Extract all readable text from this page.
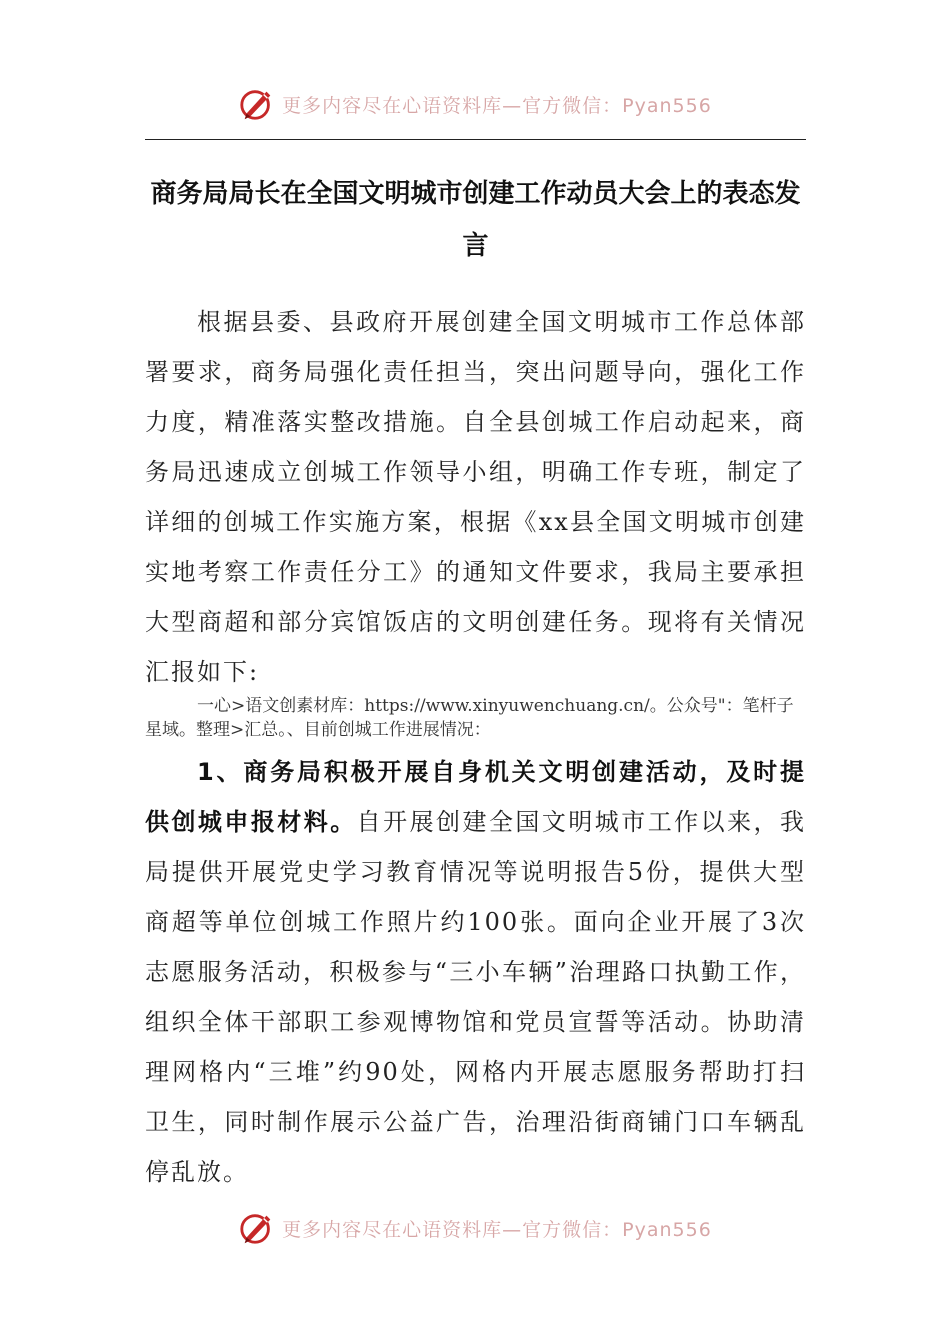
更多内容尽在心语资料库—官方微信：Pyan556
商务局局长在全国文明城市创建工作动员大会上的表态发言

根据县委、县政府开展创建全国文明城市工作总体部署要求，商务局强化责任担当，突出问题导向，强化工作力度，精准落实整改措施。自全县创城工作启动起来，商务局迅速成立创城工作领导小组，明确工作专班，制定了详细的创城工作实施方案，根据《xx县全国文明城市创建实地考察工作责任分工》的通知文件要求，我局主要承担大型商超和部分宾馆饭店的文明创建任务。现将有关情况汇报如下:

一心>语文创素材库：https://www.xinyuwenchuang.cn/。公众号"：笔杆子星域。整理>汇总。、目前创城工作进展情况：

1、商务局积极开展自身机关文明创建活动，及时提供创城申报材料。自开展创建全国文明城市工作以来，我局提供开展党史学习教育情况等说明报告5份，提供大型商超等单位创城工作照片约100张。面向企业开展了3次志愿服务活动，积极参与“三小车辆”治理路口执勤工作，组织全体干部职工参观博物馆和党员宣誓等活动。协助清理网格内“三堆”约90处，网格内开展志愿服务帮助打扫卫生，同时制作展示公益广告，治理沿街商铺门口车辆乱停乱放。

更多内容尽在心语资料库—官方微信：Pyan556
